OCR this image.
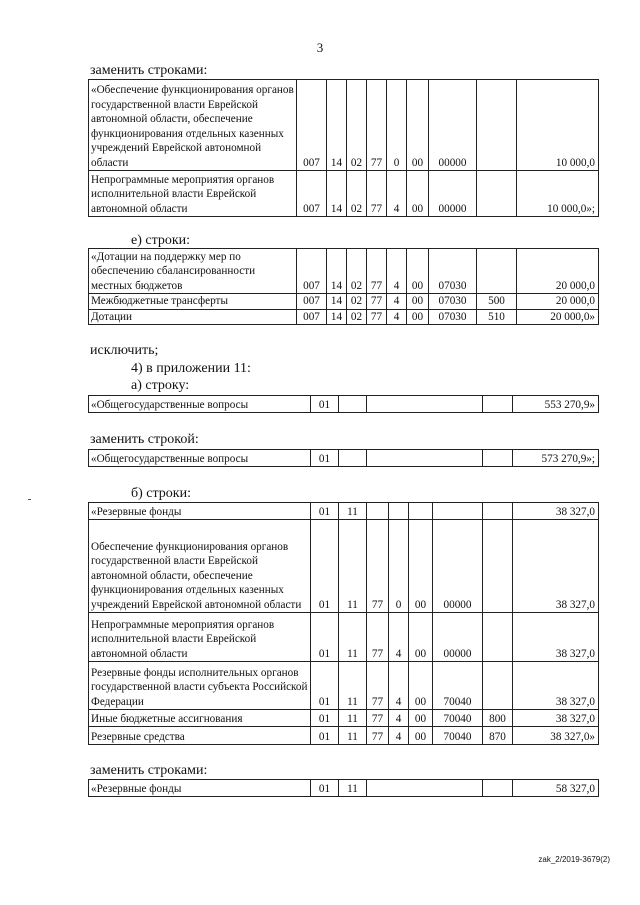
3
заменить строками:
«Обеспечение функционирования органов государственной власти Еврейской автономной области, обеспечение функционирования отдельных казенных учреждений Еврейской автономной области	007	14	02	77	0	00	00000		10 000,0
Непрограммные мероприятия органов исполнительной власти Еврейской автономной области	007	14	02	77	4	00	00000		10 000,0»;
е) строки:
«Дотации на поддержку мер по обеспечению сбалансированности местных бюджетов	007	14	02	77	4	00	07030		20 000,0
Межбюджетные трансферты	007	14	02	77	4	00	07030	500	20 000,0
Дотации	007	14	02	77	4	00	07030	510	20 000,0»
исключить;
4) в приложении 11:
а) строку:
«Общегосударственные вопросы	01				553 270,9»
заменить строкой:
«Общегосударственные вопросы	01				573 270,9»;
б) строки:
«Резервные фонды	01	11						38 327,0
Обеспечение функционирования органов государственной власти Еврейской автономной области, обеспечение функционирования отдельных казенных учреждений Еврейской автономной области	01	11	77	0	00	00000		38 327,0
Непрограммные мероприятия органов исполнительной власти Еврейской автономной области	01	11	77	4	00	00000		38 327,0
Резервные фонды исполнительных органов государственной власти субъекта Российской Федерации	01	11	77	4	00	70040		38 327,0
Иные бюджетные ассигнования	01	11	77	4	00	70040	800	38 327,0
Резервные средства	01	11	77	4	00	70040	870	38 327,0»
заменить строками:
«Резервные фонды	01	11			58 327,0
zak_2/2019-3679(2)
